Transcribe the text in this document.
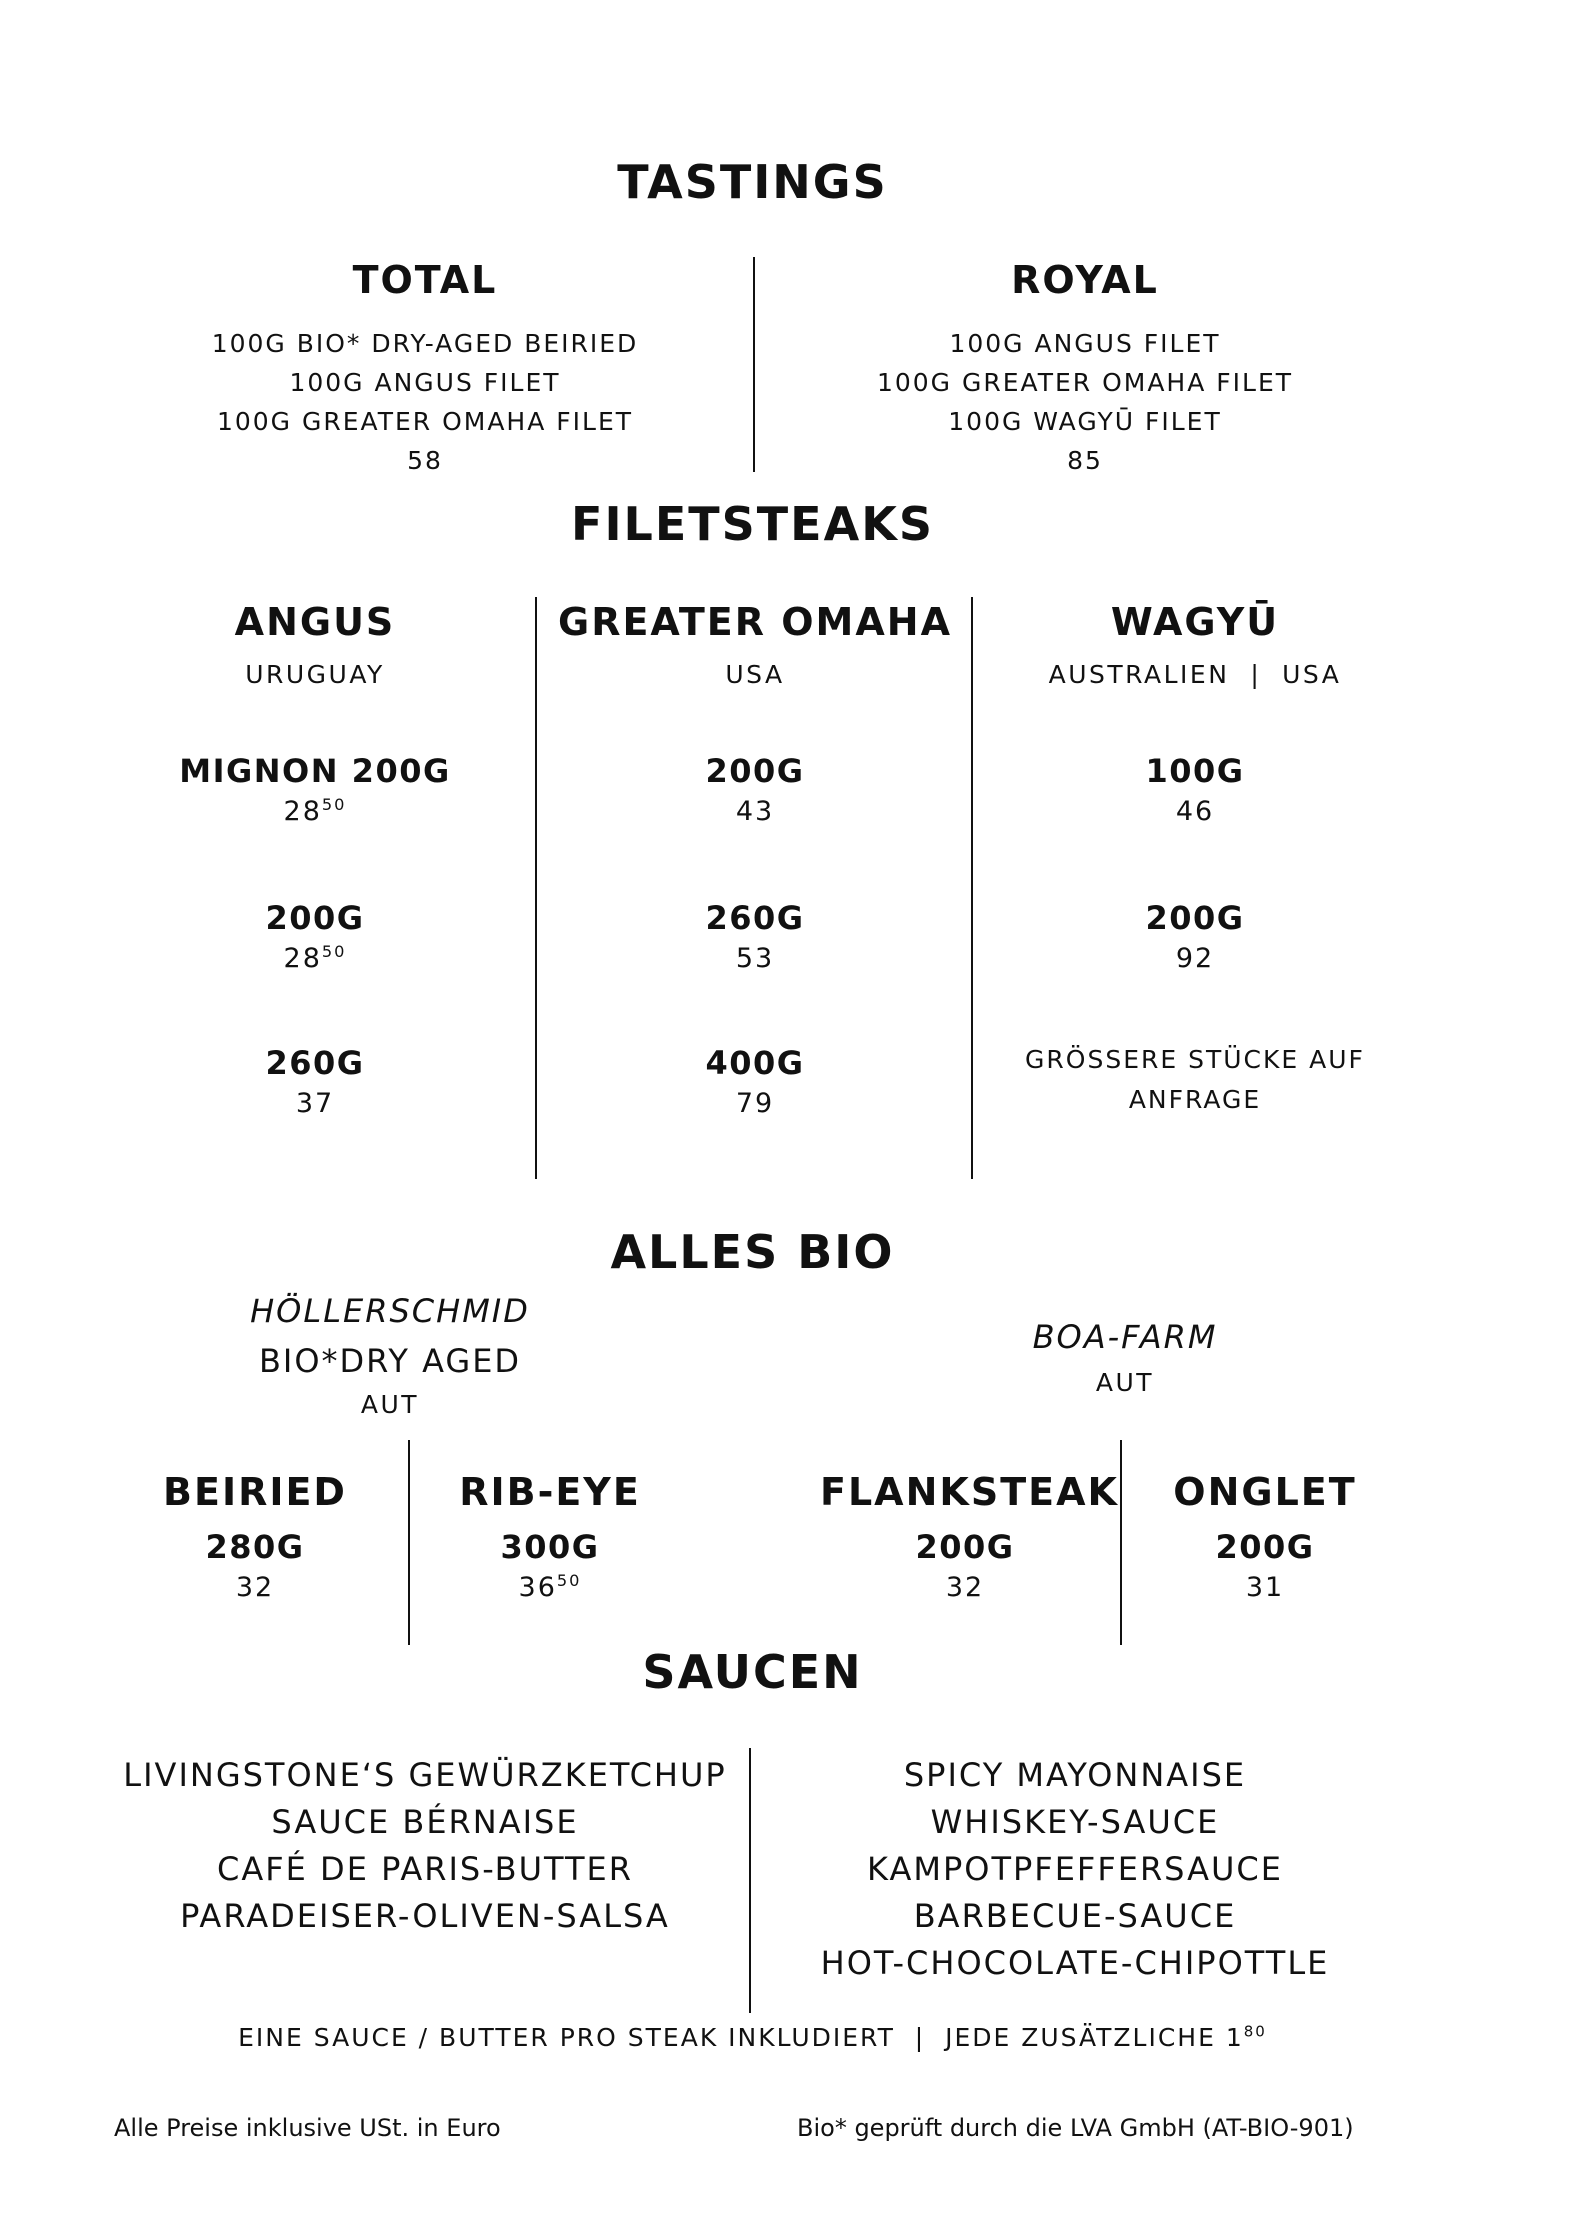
TASTINGS
TOTAL
100G BIO* DRY-AGED BEIRIED
100G ANGUS FILET
100G GREATER OMAHA FILET
58
ROYAL
100G ANGUS FILET
100G GREATER OMAHA FILET
100G WAGYŪ FILET
85
FILETSTEAKS
ANGUS
URUGUAY
MIGNON 200G
$28^{50}$
200G
$28^{50}$
260G
37
GREATER OMAHA
USA
200G
43
260G
53
400G
79
WAGYŪ
AUSTRALIEN  |  USA
100G
46
200G
92
GRÖSSERE STÜCKE AUF
ANFRAGE
ALLES BIO
HÖLLERSCHMID
BIO*DRY AGED
AUT
BOA-FARM
AUT
BEIRIED
280G
32
RIB-EYE
300G
$36^{50}$
FLANKSTEAK
200G
32
ONGLET
200G
31
SAUCEN
LIVINGSTONE‘S GEWÜRZKETCHUP
SAUCE BÉRNAISE
CAFÉ DE PARIS-BUTTER
PARADEISER-OLIVEN-SALSA
SPICY MAYONNAISE
WHISKEY-SAUCE
KAMPOTPFEFFERSAUCE
BARBECUE-SAUCE
HOT-CHOCOLATE-CHIPOTTLE
EINE SAUCE / BUTTER PRO STEAK INKLUDIERT  |  JEDE ZUSÄTZLICHE $1^{80}$
Alle Preise inklusive USt. in Euro	Bio* geprüft durch die LVA GmbH (AT-BIO-901)
